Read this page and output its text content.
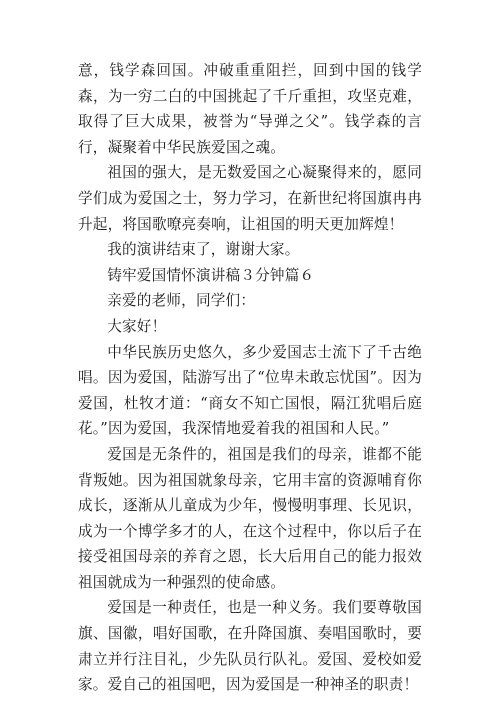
意，钱学森回国。冲破重重阻拦，回到中国的钱学森，为一穷二白的中国挑起了千斤重担，攻坚克难，取得了巨大成果，被誉为“导弹之父”。钱学森的言行，凝聚着中华民族爱国之魂。

祖国的强大，是无数爱国之心凝聚得来的，愿同学们成为爱国之士，努力学习，在新世纪将国旗冉冉升起，将国歌嘹亮奏响，让祖国的明天更加辉煌！

我的演讲结束了，谢谢大家。

铸牢爱国情怀演讲稿３分钟篇６

亲爱的老师，同学们：

大家好！

中华民族历史悠久，多少爱国志士流下了千古绝唱。因为爱国，陆游写出了“位卑未敢忘忧国”。因为爱国，杜牧才道：“商女不知亡国恨，隔江犹唱后庭花。”因为爱国，我深情地爱着我的祖国和人民。”

爱国是无条件的，祖国是我们的母亲，谁都不能背叛她。因为祖国就象母亲，它用丰富的资源哺育你成长，逐渐从儿童成为少年，慢慢明事理、长见识，成为一个博学多才的人，在这个过程中，你以后子在接受祖国母亲的养育之恩，长大后用自己的能力报效祖国就成为一种强烈的使命感。

爱国是一种责任，也是一种义务。我们要尊敬国旗、国徽，唱好国歌，在升降国旗、奏唱国歌时，要肃立并行注目礼，少先队员行队礼。爱国、爱校如爱家。爱自己的祖国吧，因为爱国是一种神圣的职责！
